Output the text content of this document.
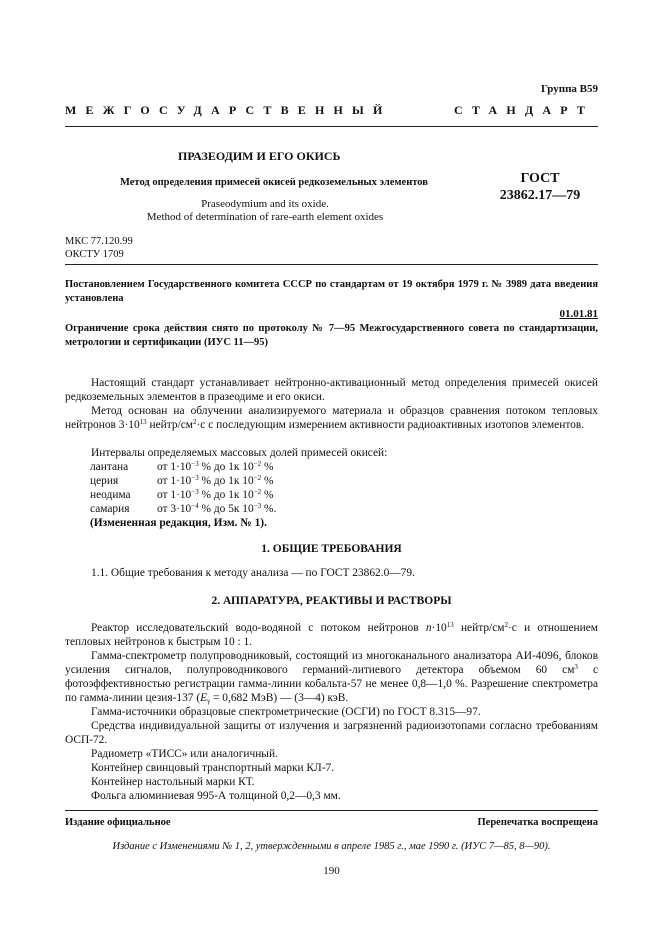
Группа В59
МЕЖГОСУДАРСТВЕННЫЙ	СТАНДАРТ
ПРАЗЕОДИМ И ЕГО ОКИСЬ
Метод определения примесей окисей редкоземельных элементов
Praseodymium and its oxide.
Method of determination of rare-earth element oxides
ГОСТ
23862.17—79
МКС 77.120.99
ОКСТУ 1709
Постановлением Государственного комитета СССР по стандартам от 19 октября 1979 г. № 3989 дата введения установлена
01.01.81
Ограничение срока действия снято по протоколу № 7—95 Межгосударственного совета по стандартизации, метрологии и сертификации (ИУС 11—95)
Настоящий стандарт устанавливает нейтронно-активационный метод определения примесей окисей редкоземельных элементов в празеодиме и его окиси.
Метод основан на облучении анализируемого материала и образцов сравнения потоком тепловых нейтронов $3\cdot 10^{13}$ нейтр/$см^2\cdot с$ с последующим измерением активности радиоактивных изотопов элементов.
Интервалы определяемых массовых долей примесей окисей:
лантана	от $1\cdot 10^{-3}$ % до 1к $10^{-2}$ %
церия	от $1\cdot 10^{-3}$ % до 1к $10^{-2}$ %
неодима от $1\cdot 10^{-3}$ % до 1к $10^{-2}$ %
самария от $3\cdot 10^{-4}$ % до 5к $10^{-3}$ %.
(Измененная редакция, Изм. № 1).
1. ОБЩИЕ ТРЕБОВАНИЯ
1.1. Общие требования к методу анализа — по ГОСТ 23862.0—79.
2. АППАРАТУРА, РЕАКТИВЫ И РАСТВОРЫ
Реактор исследовательский водо-водяной с потоком нейтронов $n\cdot 10^{13}$ нейтр/$см^2\cdot с$ и отношением тепловых нейтронов к быстрым 10 : 1.
Гамма-спектрометр полупроводниковый, состоящий из многоканального анализатора АИ-4096, блоков усиления сигналов, полупроводникового германий-литиевого детектора объемом 60 $см^3$ с фотоэффективностью регистрации гамма-линии кобальта-57 не менее 0,8—1,0 %. Разрешение спектрометра по гамма-линии цезия-137 ($E_\gamma = 0,682$ МэВ) — (3—4) кэВ.
Гамма-источники образцовые спектрометрические (ОСГИ) по ГОСТ 8.315—97.
Средства индивидуальной защиты от излучения и загрязнений радиоизотопами согласно требованиям ОСП-72.
Радиометр «ТИСС» или аналогичный.
Контейнер свинцовый транспортный марки КЛ-7.
Контейнер настольный марки КТ.
Фольга алюминиевая 995-А толщиной 0,2—0,3 мм.
Издание официальное	Перепечатка воспрещена
Издание с Изменениями № 1, 2, утвержденными в апреле 1985 г., мае 1990 г. (ИУС 7—85, 8—90).
190
